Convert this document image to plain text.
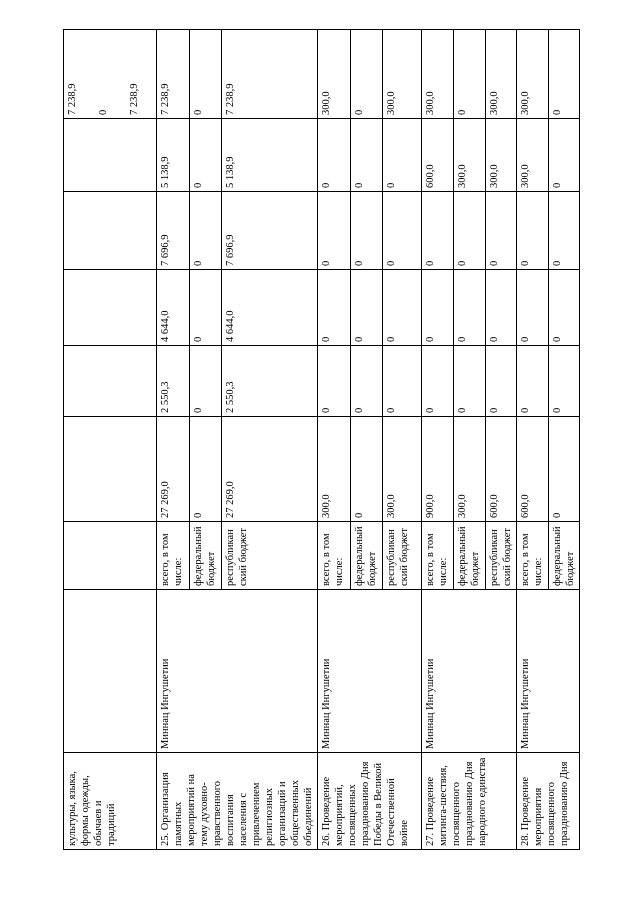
культуры, языка, формы одежды, обычаев и традиций								7 238,9 0 7 238,9

25. Организация памятных мероприятий на тему духовно-нравственного воспитания населения с привлечением религиозных организаций и общественных объединений	Миннац Ингушетии	всего, в том числе:	27 269,0	2 550,3	4 644,0	7 696,9	5 138,9	7 238,9
		федеральный бюджет	0	0	0	0	0	0
		республиканский бюджет	27 269,0	2 550,3	4 644,0	7 696,9	5 138,9	7 238,9
26. Проведение мероприятий, посвященных празднованию Дня Победы в Великой Отечественной войне	Миннац Ингушетии	всего, в том числе:	300,0	0	0	0	0	300,0
		федеральный бюджет	0	0	0	0	0	0
		республиканский бюджет	300,0	0	0	0	0	300,0
27. Проведение митинга-шествия, посвященного празднованию Дня народного единства	Миннац Ингушетии	всего, в том числе:	900,0	0	0	0	600,0	300,0
		федеральный бюджет	300,0	0	0	0	300,0	0
		республиканский бюджет	600,0	0	0	0	300,0	300,0
28. Проведение мероприятия посвященного празднованию Дня	Миннац Ингушетии	всего, в том числе:	600,0	0	0	0	300,0	300,0
		федеральный бюджет	0	0	0	0	0	0
